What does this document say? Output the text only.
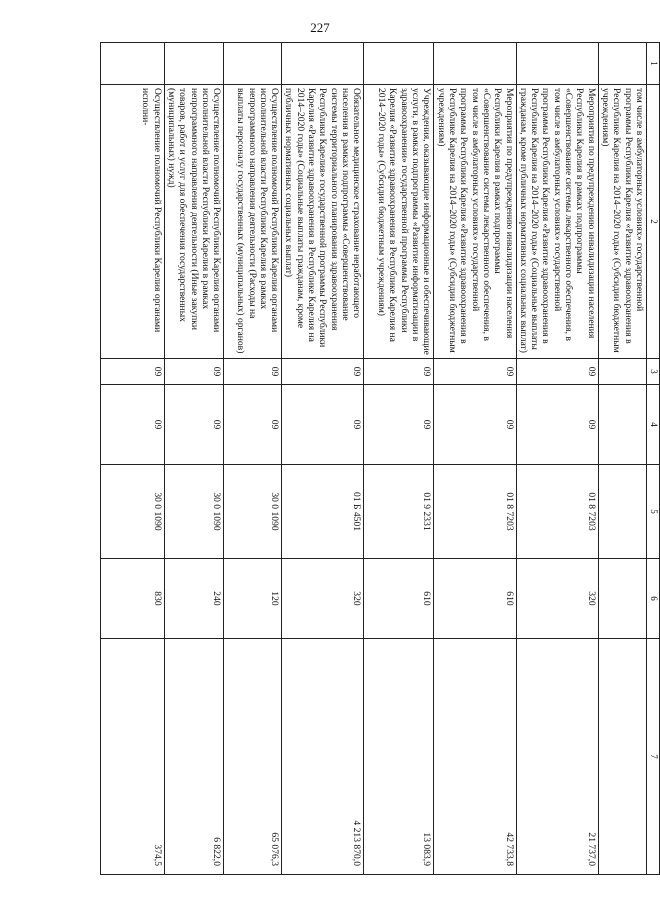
227
1	2	3	4	5	6	7
	том числе в амбулаторных условиях» государственной программы Республики Карелия «Развитие здравоохранения в Республике Карелия на 2014–2020 годы» (Субсидии бюджетным учреждениям)					
	Мероприятия по предупреждению инвалидизации населения Республики Карелия в рамках подпрограммы «Совершенствование системы лекарственного обеспечения, в том числе в амбулаторных условиях» государственной программы Республики Карелия «Развитие здравоохранения в Республике Карелия на 2014–2020 годы» (Социальные выплаты гражданам, кроме публичных нормативных социальных выплат)	09	09	01 8 7203	320	21 737,0
	Мероприятия по предупреждению инвалидизации населения Республики Карелия в рамках подпрограммы «Совершенствование системы лекарственного обеспечения, в том числе в амбулаторных условиях» государственной программы Республики Карелия «Развитие здравоохранения в Республике Карелия на 2014–2020 годы» (Субсидии бюджетным учреждениям)	09	09	01 8 7203	610	42 733,8
	Учреждения, оказывающие информационные и обеспечивающие услуги, в рамках подпрограммы «Развитие информатизации в здравоохранении» государственной программы Республики Карелия «Развитие здравоохранения в Республике Карелия на 2014–2020 годы» (Субсидии бюджетным учреждениям)	09	09	01 9 2331	610	13 083,9
	Обязательное медицинское страхование неработающего населения в рамках подпрограммы «Совершенствование системы территориального планирования здравоохранения Республики Карелия» государственной программы Республики Карелия «Развитие здравоохранения в Республике Карелия на 2014–2020 годы» (Социальные выплаты гражданам, кроме публичных нормативных социальных выплат)	09	09	01 Б 4501	320	4 213 870,0
	Осуществление полномочий Республики Карелия органами исполнительной власти Республики Карелия в рамках непрограммного направления деятельности (Расходы на выплаты персоналу государственных (муниципальных) органов)	09	09	30 0 1090	120	65 076,3
	Осуществление полномочий Республики Карелия органами исполнительной власти Республики Карелия в рамках непрограммного направления деятельности (Иные закупки товаров, работ и услуг для обеспечения государственных (муниципальных) нужд)	09	09	30 0 1090	240	6 822,0
	Осуществление полномочий Республики Карелия органами исполни-	09	09	30 0 1090	830	374,5
